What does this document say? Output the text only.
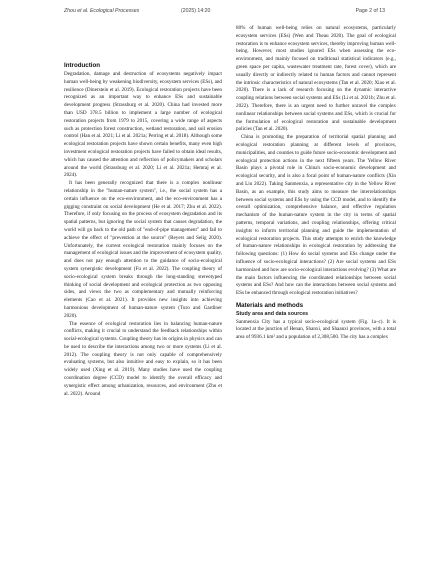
Zhou et al. Ecological Processes	(2025) 14:20	Page 2 of 13
Introduction

Degradation, damage and destruction of ecosystems negatively impact human well-being by weakening biodiversity, ecosystem services (ESs), and resilience (Dinerstein et al. 2019). Ecological restoration projects have been recognized as an important way to enhance ESs and sustainable development progress (Strassburg et al. 2020). China had invested more than USD 378.5 billion to implement a large number of ecological restoration projects from 1979 to 2015, covering a wide range of aspects such as protection forest construction, wetland restoration, and soil erosion control (Han et al. 2021; Li et al. 2021a; Perring et al. 2018). Although some ecological restoration projects have shown certain benefits, many even high investment ecological restoration projects have failed to obtain ideal results, which has caused the attention and reflection of policymakers and scholars around the world (Strassburg et al. 2020; Li et al. 2021a; Hemraj et al. 2024).

It has been generally recognized that there is a complex nonlinear relationship in the "human-nature system", i.e., the social system has a certain influence on the eco-environment, and the eco-environment has a gigging constraint on social development (He et al. 2017; Zhu et al. 2022). Therefore, if only focusing on the process of ecosystem degradation and its spatial patterns, but ignoring the social system that causes degradation, the world will go back to the old path of "end-of-pipe management" and fail to achieve the effect of "prevention at the source" (Reyers and Selig 2020). Unfortunately, the current ecological restoration mainly focuses on the management of ecological issues and the improvement of ecosystem quality, and does not pay enough attention to the guidance of socio-ecological system synergistic development (Fu et al. 2022). The coupling theory of socio-ecological system breaks through the long-standing stereotyped thinking of social development and ecological protection as two opposing sides, and views the two as complementary and mutually reinforcing elements (Cao et al. 2021). It provides new insights into achieving harmonious development of human-nature system (Turo and Gardiner 2020).

The essence of ecological restoration lies in balancing human-nature conflicts, making it crucial to understand the feedback relationships within social-ecological systems. Coupling theory has its origins in physics and can be used to describe the interactions among two or more systems (Li et al. 2012). The coupling theory is not only capable of comprehensively evaluating systems, but also intuitive and easy to explain, so it has been widely used (Xing et al. 2019). Many studies have used the coupling coordination degree (CCD) model to identify the overall efficacy and synergistic effect among urbanization, resources, and environment (Zhu et al. 2022). Around

80% of human well-being relies on natural ecosystems, particularly ecosystem services (ESs) (Wen and Theau 2020). The goal of ecological restoration is to enhance ecosystem services, thereby improving human well-being. However, most studies ignored ESs when assessing the eco-environment, and mainly focused on traditional statistical indicators (e.g., green space per capita, wastewater treatment rate, forest cover), which are usually directly or indirectly related to human factors and cannot represent the intrinsic characteristics of natural ecosystems (Tan et al. 2020; Xiao et al. 2020). There is a lack of research focusing on the dynamic interactive coupling relations between social systems and ESs (Li et al. 2021b; Zhu et al. 2022). Therefore, there is an urgent need to further unravel the complex nonlinear relationships between social systems and ESs, which is crucial for the formulation of ecological restoration and sustainable development policies (Tan et al. 2020).

China is promoting the preparation of territorial spatial planning and ecological restoration planning at different levels of provinces, municipalities, and counties to guide future socio-economic development and ecological protection actions in the next fifteen years. The Yellow River Basin plays a pivotal role in China's socio-economic development and ecological security, and is also a focal point of human-nature conflicts (Xin and Liu 2022). Taking Sanmenxia, a representative city in the Yellow River Basin, as an example, this study aims to measure the interrelationships between social systems and ESs by using the CCD model, and to identify the overall optimization, comprehensive balance, and effective regulation mechanism of the human-nature system in the city in terms of spatial patterns, temporal variations, and coupling relationships, offering critical insights to inform territorial planning and guide the implementation of ecological restoration projects. This study attempts to enrich the knowledge of human-nature relationships in ecological restoration by addressing the following questions: (1) How do social systems and ESs change under the influence of socio-ecological interactions? (2) Are social systems and ESs harmonized and how are socio-ecological interactions evolving? (3) What are the main factors influencing the coordinated relationships between social systems and ESs? And how can the interactions between social systems and ESs be enhanced through ecological restoration initiatives?

Materials and methods
Study area and data sources

Sanmenxia City has a typical socio-ecological system (Fig. 1a–c). It is located at the junction of Henan, Shanxi, and Shaanxi provinces, with a total area of 9936.1 km² and a population of 2,308,500. The city has a complex
